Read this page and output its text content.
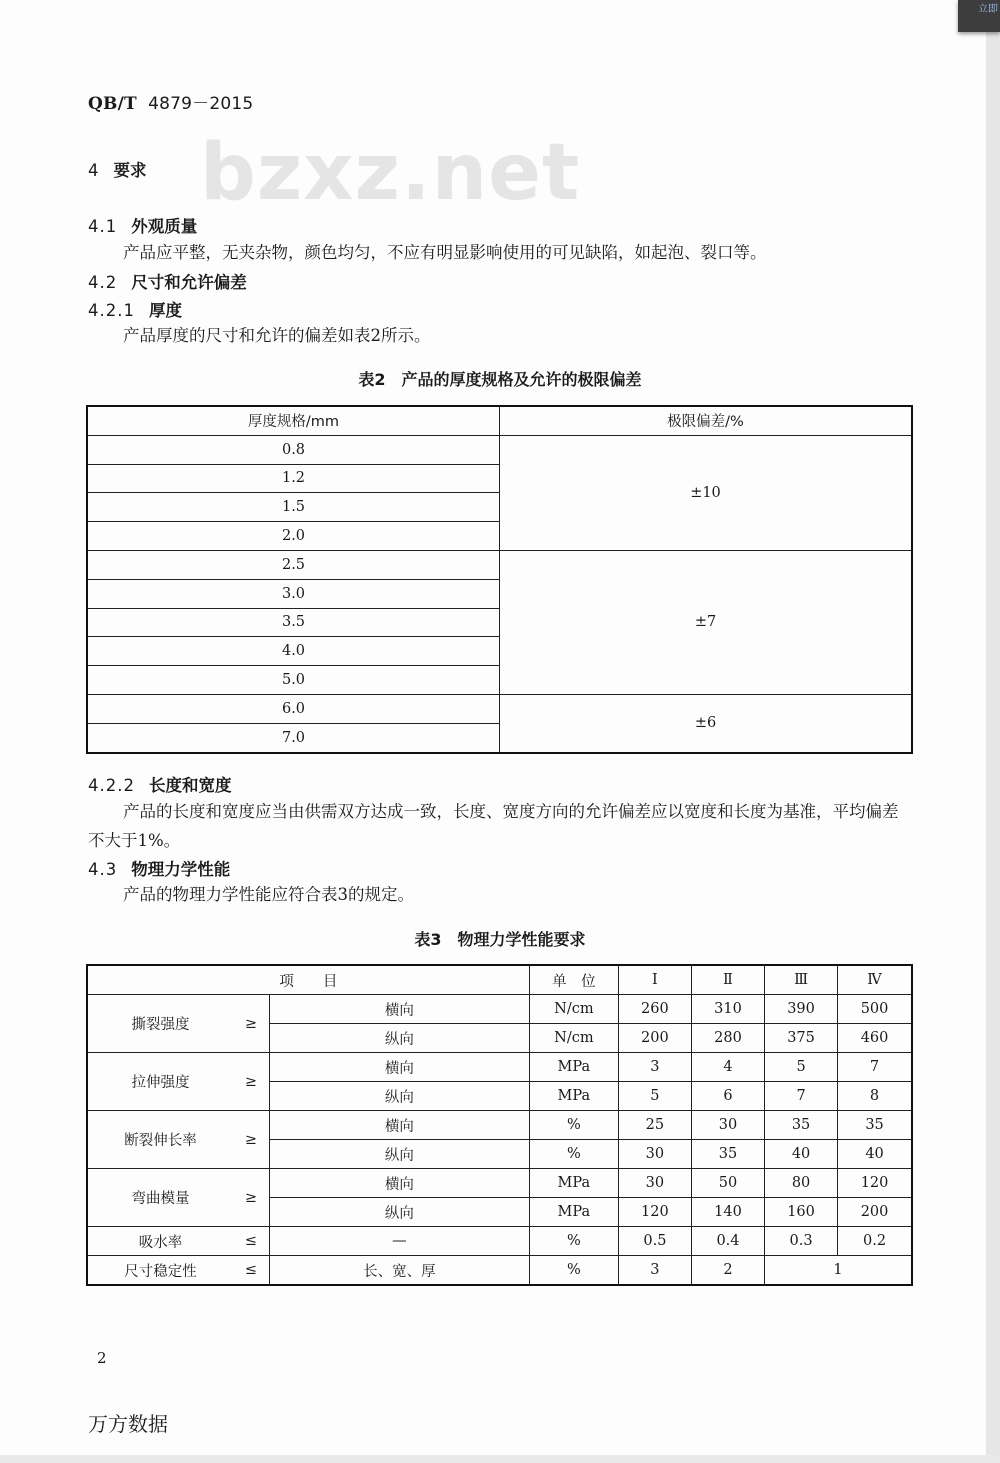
立即
QB/T 4879－2015
bzxz.net
4 要求
4.1 外观质量
产品应平整，无夹杂物，颜色均匀，不应有明显影响使用的可见缺陷，如起泡、裂口等。
4.2 尺寸和允许偏差
4.2.1 厚度
产品厚度的尺寸和允许的偏差如表2所示。
表2　产品的厚度规格及允许的极限偏差
厚度规格/mm	极限偏差/%
0.8	±10
1.2	
1.5	
2.0	
2.5	±7
3.0	
3.5	
4.0	
5.0	
6.0	±6
7.0	
4.2.2 长度和宽度
产品的长度和宽度应当由供需双方达成一致，长度、宽度方向的允许偏差应以宽度和长度为基准，平均偏差不大于1%。
4.3 物理力学性能
产品的物理力学性能应符合表3的规定。
表3　物理力学性能要求
项　　目			单　位	Ⅰ	Ⅱ	Ⅲ	Ⅳ
撕裂强度	≥	横向	N/cm	260	310	390	500
		纵向	N/cm	200	280	375	460
拉伸强度	≥	横向	MPa	3	4	5	7
		纵向	MPa	5	6	7	8
断裂伸长率	≥	横向	%	25	30	35	35
		纵向	%	30	35	40	40
弯曲模量	≥	横向	MPa	30	50	80	120
		纵向	MPa	120	140	160	200
吸水率	≤	—	%	0.5	0.4	0.3	0.2
尺寸稳定性	≤	长、宽、厚	%	3	2	1	
2
万方数据
